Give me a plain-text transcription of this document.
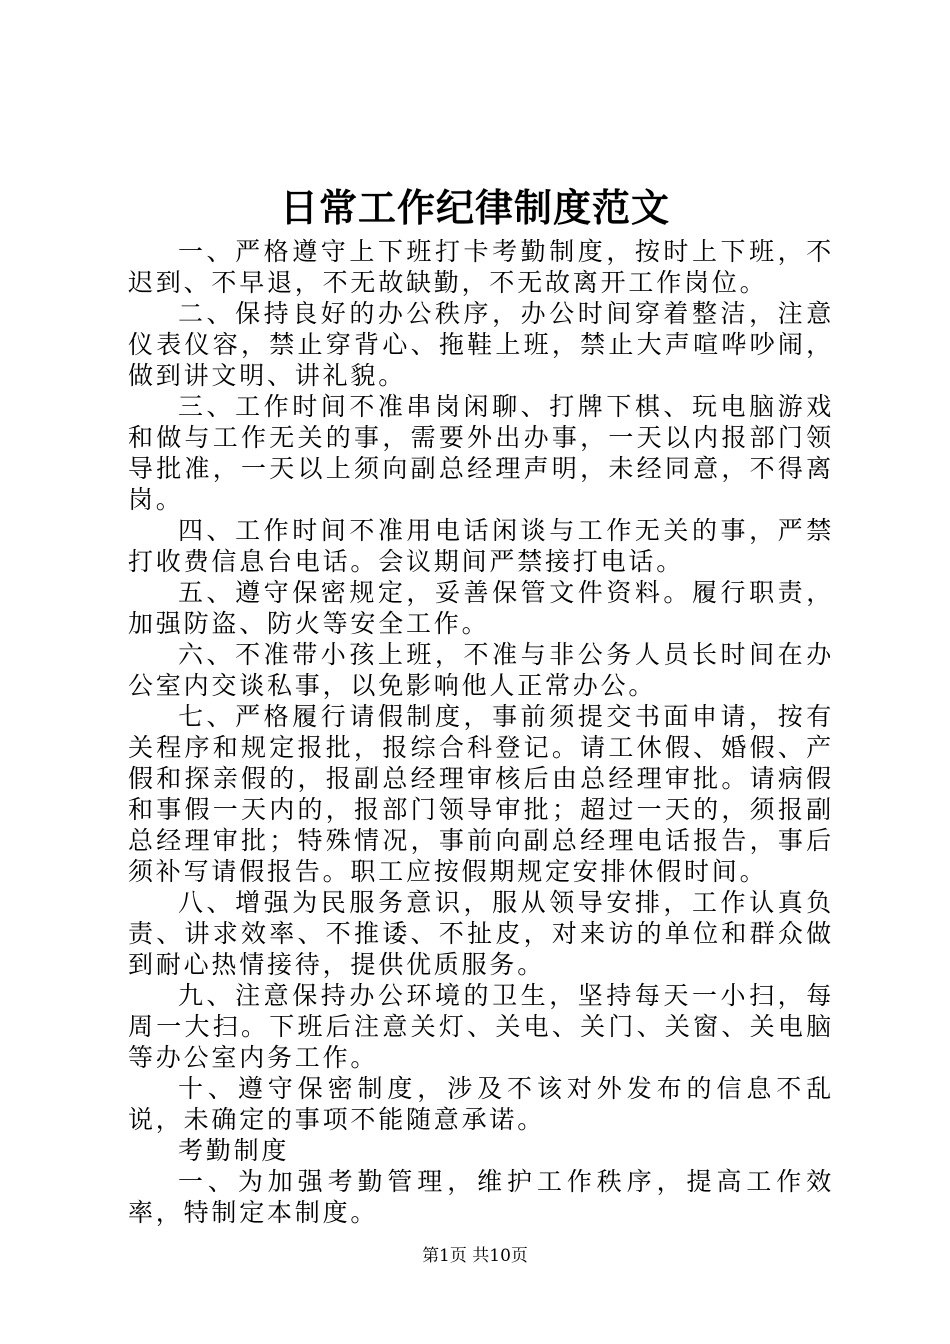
日常工作纪律制度范文

一、严格遵守上下班打卡考勤制度，按时上下班，不迟到、不早退，不无故缺勤，不无故离开工作岗位。

二、保持良好的办公秩序，办公时间穿着整洁，注意仪表仪容，禁止穿背心、拖鞋上班，禁止大声喧哗吵闹，做到讲文明、讲礼貌。

三、工作时间不准串岗闲聊、打牌下棋、玩电脑游戏和做与工作无关的事，需要外出办事，一天以内报部门领导批准，一天以上须向副总经理声明，未经同意，不得离岗。

四、工作时间不准用电话闲谈与工作无关的事，严禁打收费信息台电话。会议期间严禁接打电话。

五、遵守保密规定，妥善保管文件资料。履行职责，加强防盗、防火等安全工作。

六、不准带小孩上班，不准与非公务人员长时间在办公室内交谈私事，以免影响他人正常办公。

七、严格履行请假制度，事前须提交书面申请，按有关程序和规定报批，报综合科登记。请工休假、婚假、产假和探亲假的，报副总经理审核后由总经理审批。请病假和事假一天内的，报部门领导审批；超过一天的，须报副总经理审批；特殊情况，事前向副总经理电话报告，事后须补写请假报告。职工应按假期规定安排休假时间。

八、增强为民服务意识，服从领导安排，工作认真负责、讲求效率、不推诿、不扯皮，对来访的单位和群众做到耐心热情接待，提供优质服务。

九、注意保持办公环境的卫生，坚持每天一小扫，每周一大扫。下班后注意关灯、关电、关门、关窗、关电脑等办公室内务工作。

十、遵守保密制度，涉及不该对外发布的信息不乱说，未确定的事项不能随意承诺。

考勤制度

一、为加强考勤管理，维护工作秩序，提高工作效率，特制定本制度。

第1页 共10页
